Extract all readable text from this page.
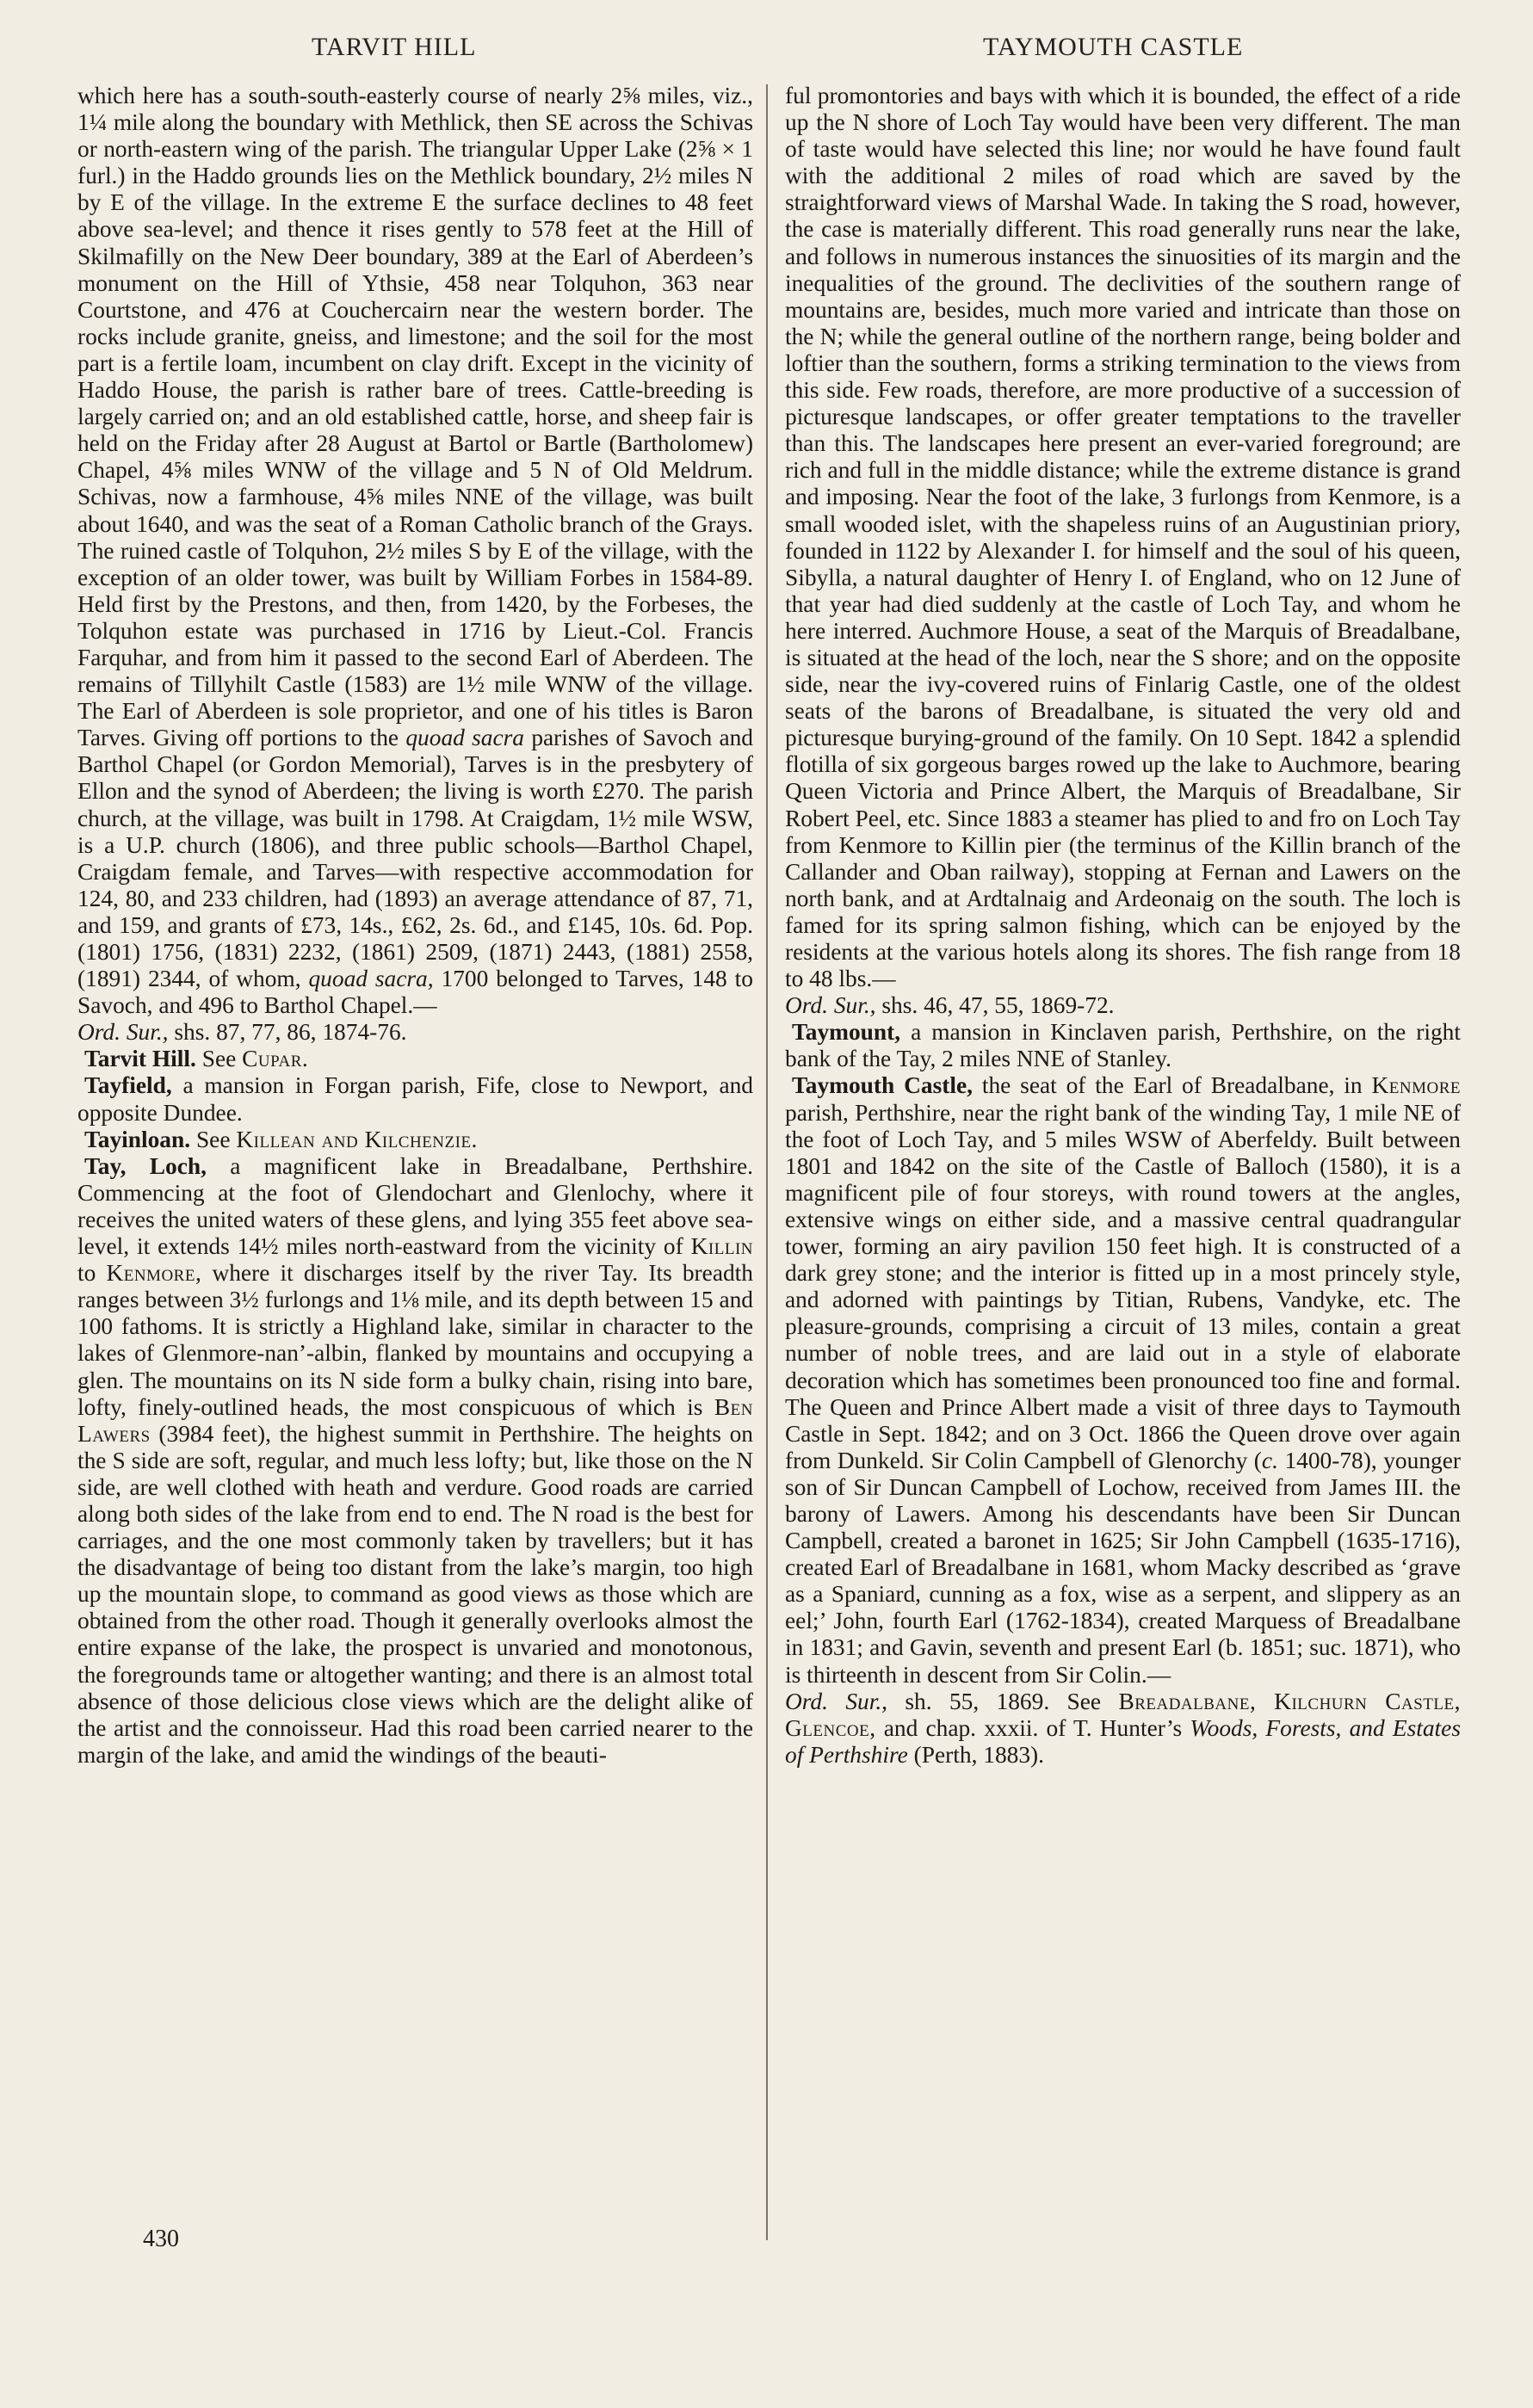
TARVIT HILL	TAYMOUTH CASTLE

which here has a south-south-easterly course of nearly 2⅝ miles, viz., 1¼ mile along the boundary with Methlick, then SE across the Schivas or north-eastern wing of the parish. The triangular Upper Lake (2⅝ × 1 furl.) in the Haddo grounds lies on the Methlick boundary, 2½ miles N by E of the village. In the extreme E the surface declines to 48 feet above sea-level; and thence it rises gently to 578 feet at the Hill of Skilmafilly on the New Deer boundary, 389 at the Earl of Aberdeen’s monument on the Hill of Ythsie, 458 near Tolquhon, 363 near Courtstone, and 476 at Couchercairn near the western border. The rocks include granite, gneiss, and limestone; and the soil for the most part is a fertile loam, incumbent on clay drift. Except in the vicinity of Haddo House, the parish is rather bare of trees. Cattle-breeding is largely carried on; and an old established cattle, horse, and sheep fair is held on the Friday after 28 August at Bartol or Bartle (Bartholomew) Chapel, 4⅝ miles WNW of the village and 5 N of Old Meldrum. Schivas, now a farmhouse, 4⅝ miles NNE of the village, was built about 1640, and was the seat of a Roman Catholic branch of the Grays. The ruined castle of Tolquhon, 2½ miles S by E of the village, with the exception of an older tower, was built by William Forbes in 1584-89. Held first by the Prestons, and then, from 1420, by the Forbeses, the Tolquhon estate was purchased in 1716 by Lieut.-Col. Francis Farquhar, and from him it passed to the second Earl of Aberdeen. The remains of Tillyhilt Castle (1583) are 1½ mile WNW of the village. The Earl of Aberdeen is sole proprietor, and one of his titles is Baron Tarves. Giving off portions to the quoad sacra parishes of Savoch and Barthol Chapel (or Gordon Memorial), Tarves is in the presbytery of Ellon and the synod of Aberdeen; the living is worth £270. The parish church, at the village, was built in 1798. At Craigdam, 1½ mile WSW, is a U.P. church (1806), and three public schools—Barthol Chapel, Craigdam female, and Tarves—with respective accommodation for 124, 80, and 233 children, had (1893) an average attendance of 87, 71, and 159, and grants of £73, 14s., £62, 2s. 6d., and £145, 10s. 6d. Pop. (1801) 1756, (1831) 2232, (1861) 2509, (1871) 2443, (1881) 2558, (1891) 2344, of whom, quoad sacra, 1700 belonged to Tarves, 148 to Savoch, and 496 to Barthol Chapel.—
Ord. Sur., shs. 87, 77, 86, 1874-76.

Tarvit Hill. See Cupar.

Tayfield, a mansion in Forgan parish, Fife, close to Newport, and opposite Dundee.

Tayinloan. See Killean and Kilchenzie.

Tay, Loch, a magnificent lake in Breadalbane, Perthshire. Commencing at the foot of Glendochart and Glenlochy, where it receives the united waters of these glens, and lying 355 feet above sea-level, it extends 14½ miles north-eastward from the vicinity of Killin to Kenmore, where it discharges itself by the river Tay. Its breadth ranges between 3½ furlongs and 1⅛ mile, and its depth between 15 and 100 fathoms. It is strictly a Highland lake, similar in character to the lakes of Glenmore-nan’-albin, flanked by mountains and occupying a glen. The mountains on its N side form a bulky chain, rising into bare, lofty, finely-outlined heads, the most conspicuous of which is Ben Lawers (3984 feet), the highest summit in Perthshire. The heights on the S side are soft, regular, and much less lofty; but, like those on the N side, are well clothed with heath and verdure. Good roads are carried along both sides of the lake from end to end. The N road is the best for carriages, and the one most commonly taken by travellers; but it has the disadvantage of being too distant from the lake’s margin, too high up the mountain slope, to command as good views as those which are obtained from the other road. Though it generally overlooks almost the entire expanse of the lake, the prospect is unvaried and monotonous, the foregrounds tame or altogether wanting; and there is an almost total absence of those delicious close views which are the delight alike of the artist and the connoisseur. Had this road been carried nearer to the margin of the lake, and amid the windings of the beauti-

ful promontories and bays with which it is bounded, the effect of a ride up the N shore of Loch Tay would have been very different. The man of taste would have selected this line; nor would he have found fault with the additional 2 miles of road which are saved by the straightforward views of Marshal Wade. In taking the S road, however, the case is materially different. This road generally runs near the lake, and follows in numerous instances the sinuosities of its margin and the inequalities of the ground. The declivities of the southern range of mountains are, besides, much more varied and intricate than those on the N; while the general outline of the northern range, being bolder and loftier than the southern, forms a striking termination to the views from this side. Few roads, therefore, are more productive of a succession of picturesque landscapes, or offer greater temptations to the traveller than this. The landscapes here present an ever-varied foreground; are rich and full in the middle distance; while the extreme distance is grand and imposing. Near the foot of the lake, 3 furlongs from Kenmore, is a small wooded islet, with the shapeless ruins of an Augustinian priory, founded in 1122 by Alexander I. for himself and the soul of his queen, Sibylla, a natural daughter of Henry I. of England, who on 12 June of that year had died suddenly at the castle of Loch Tay, and whom he here interred. Auchmore House, a seat of the Marquis of Breadalbane, is situated at the head of the loch, near the S shore; and on the opposite side, near the ivy-covered ruins of Finlarig Castle, one of the oldest seats of the barons of Breadalbane, is situated the very old and picturesque burying-ground of the family. On 10 Sept. 1842 a splendid flotilla of six gorgeous barges rowed up the lake to Auchmore, bearing Queen Victoria and Prince Albert, the Marquis of Breadalbane, Sir Robert Peel, etc. Since 1883 a steamer has plied to and fro on Loch Tay from Kenmore to Killin pier (the terminus of the Killin branch of the Callander and Oban railway), stopping at Fernan and Lawers on the north bank, and at Ardtalnaig and Ardeonaig on the south. The loch is famed for its spring salmon fishing, which can be enjoyed by the residents at the various hotels along its shores. The fish range from 18 to 48 lbs.—
Ord. Sur., shs. 46, 47, 55, 1869-72.

Taymount, a mansion in Kinclaven parish, Perthshire, on the right bank of the Tay, 2 miles NNE of Stanley.

Taymouth Castle, the seat of the Earl of Breadalbane, in Kenmore parish, Perthshire, near the right bank of the winding Tay, 1 mile NE of the foot of Loch Tay, and 5 miles WSW of Aberfeldy. Built between 1801 and 1842 on the site of the Castle of Balloch (1580), it is a magnificent pile of four storeys, with round towers at the angles, extensive wings on either side, and a massive central quadrangular tower, forming an airy pavilion 150 feet high. It is constructed of a dark grey stone; and the interior is fitted up in a most princely style, and adorned with paintings by Titian, Rubens, Vandyke, etc. The pleasure-grounds, comprising a circuit of 13 miles, contain a great number of noble trees, and are laid out in a style of elaborate decoration which has sometimes been pronounced too fine and formal. The Queen and Prince Albert made a visit of three days to Taymouth Castle in Sept. 1842; and on 3 Oct. 1866 the Queen drove over again from Dunkeld. Sir Colin Campbell of Glenorchy (c. 1400-78), younger son of Sir Duncan Campbell of Lochow, received from James III. the barony of Lawers. Among his descendants have been Sir Duncan Campbell, created a baronet in 1625; Sir John Campbell (1635-1716), created Earl of Breadalbane in 1681, whom Macky described as ‘grave as a Spaniard, cunning as a fox, wise as a serpent, and slippery as an eel;’ John, fourth Earl (1762-1834), created Marquess of Breadalbane in 1831; and Gavin, seventh and present Earl (b. 1851; suc. 1871), who is thirteenth in descent from Sir Colin.—
Ord. Sur., sh. 55, 1869. See Breadalbane, Kilchurn Castle, Glencoe, and chap. xxxii. of T. Hunter’s Woods, Forests, and Estates of Perthshire (Perth, 1883).

430
